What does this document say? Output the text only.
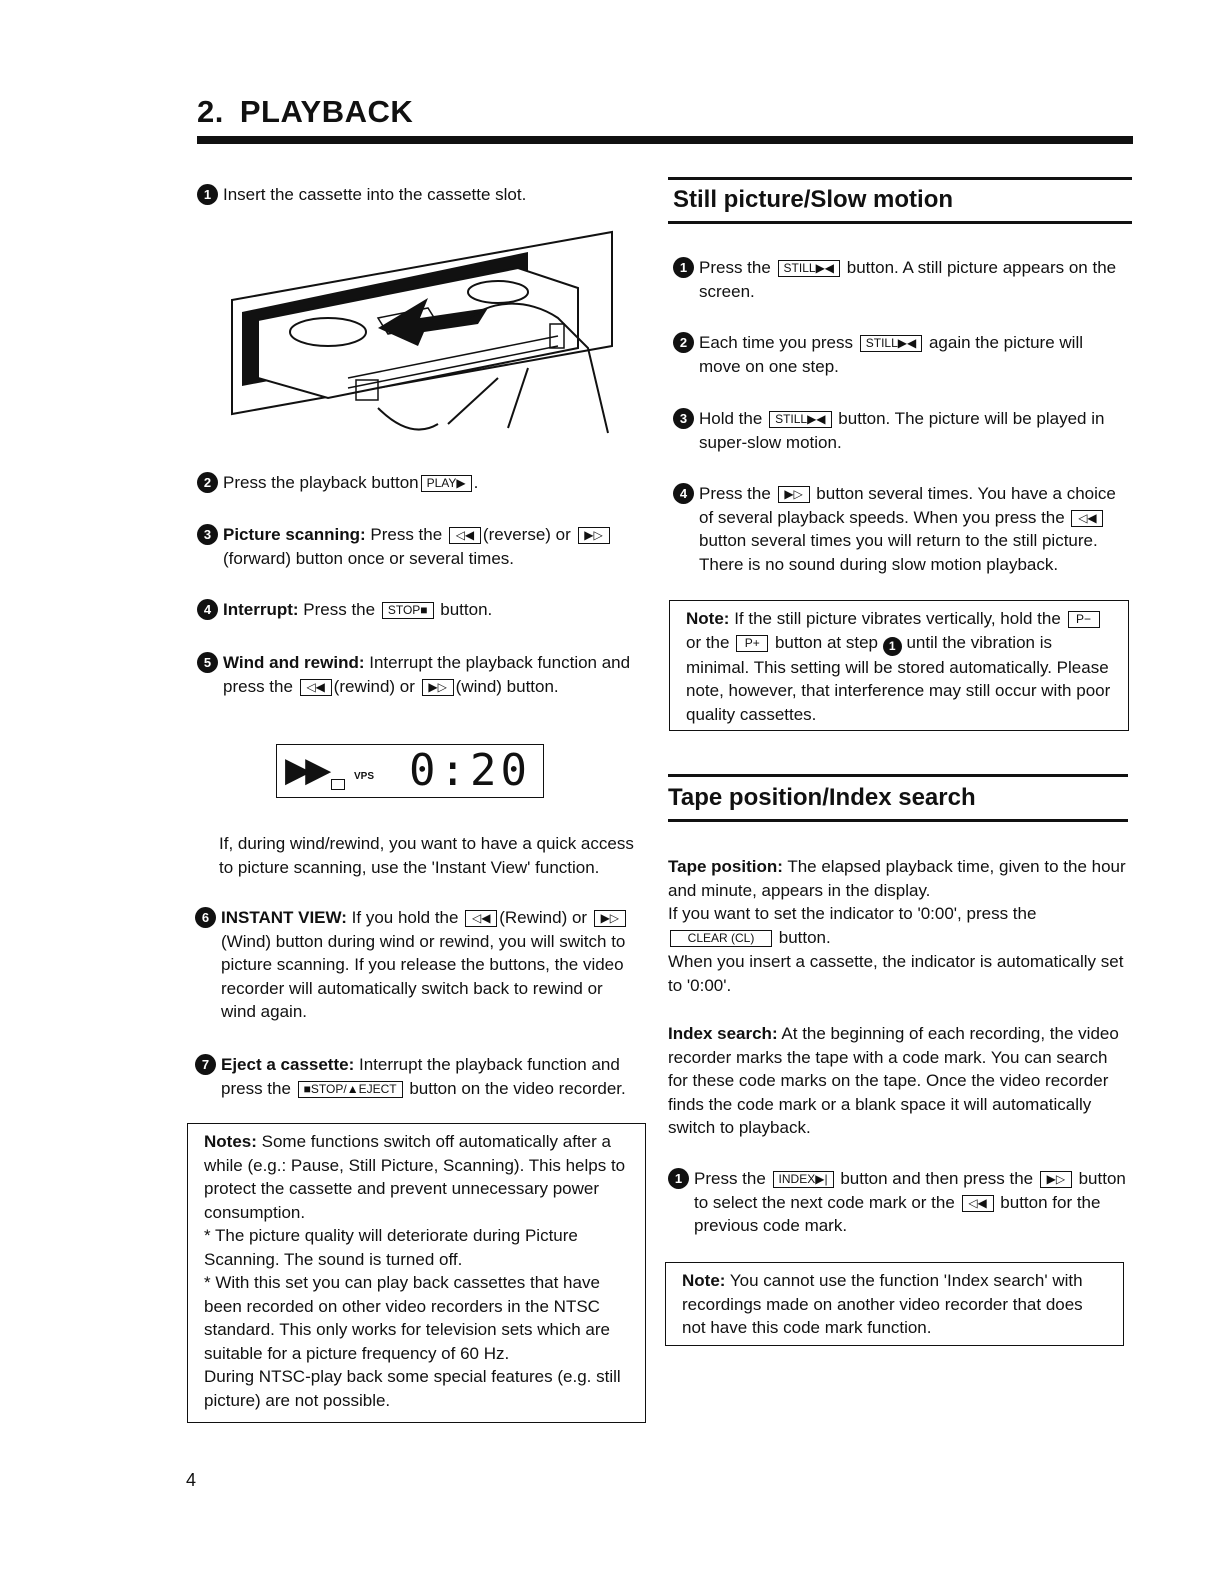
2. PLAYBACK
1 Insert the cassette into the cassette slot.
2 Press the playback button PLAY▶ .
3 Picture scanning: Press the ◁◀ (reverse) or ▶▷(forward) button once or several times.
4 Interrupt: Press the STOP■ button.
5 Wind and rewind: Interrupt the playback function and press the ◁◀ (rewind) or ▶▷ (wind) button.
▶▶	VPS 0:20
If, during wind/rewind, you want to have a quick access to picture scanning, use the 'Instant View' function.
6 INSTANT VIEW: If you hold the ◁◀ (Rewind) or ▶▷(Wind) button during wind or rewind, you will switch to picture scanning. If you release the buttons, the video recorder will automatically switch back to rewind or wind again.
7 Eject a cassette: Interrupt the playback function and press the ■STOP/▲EJECT button on the video recorder.
Notes: Some functions switch off automatically after a while (e.g.: Pause, Still Picture, Scanning). This helps to protect the cassette and prevent unnecessary power consumption.
* The picture quality will deteriorate during Picture Scanning. The sound is turned off.
* With this set you can play back cassettes that have been recorded on other video recorders in the NTSC standard. This only works for television sets which are suitable for a picture frequency of 60 Hz.
During NTSC-play back some special features (e.g. still picture) are not possible.
4
Still picture/Slow motion
1 Press the STILL▶◀ button. A still picture appears on the screen.
2 Each time you press STILL▶◀ again the picture will move on one step.
3 Hold the STILL▶◀ button. The picture will be played in super-slow motion.
4 Press the ▶▷ button several times. You have a choice of several playback speeds. When you press the ◁◀ button several times you will return to the still picture. There is no sound during slow motion playback.
Note: If the still picture vibrates vertically, hold the P− or the P+ button at step 1 until the vibration is minimal. This setting will be stored automatically. Please note, however, that interference may still occur with poor quality cassettes.
Tape position/Index search
Tape position: The elapsed playback time, given to the hour and minute, appears in the display.
If you want to set the indicator to '0:00', press the CLEAR (CL) button.
When you insert a cassette, the indicator is automatically set to '0:00'.
Index search: At the beginning of each recording, the video recorder marks the tape with a code mark. You can search for these code marks on the tape. Once the video recorder finds the code mark or a blank space it will automatically switch to playback.
1 Press the INDEX▶| button and then press the ▶▷ button to select the next code mark or the ◁◀ button for the previous code mark.
Note: You cannot use the function 'Index search' with recordings made on another video recorder that does not have this code mark function.
